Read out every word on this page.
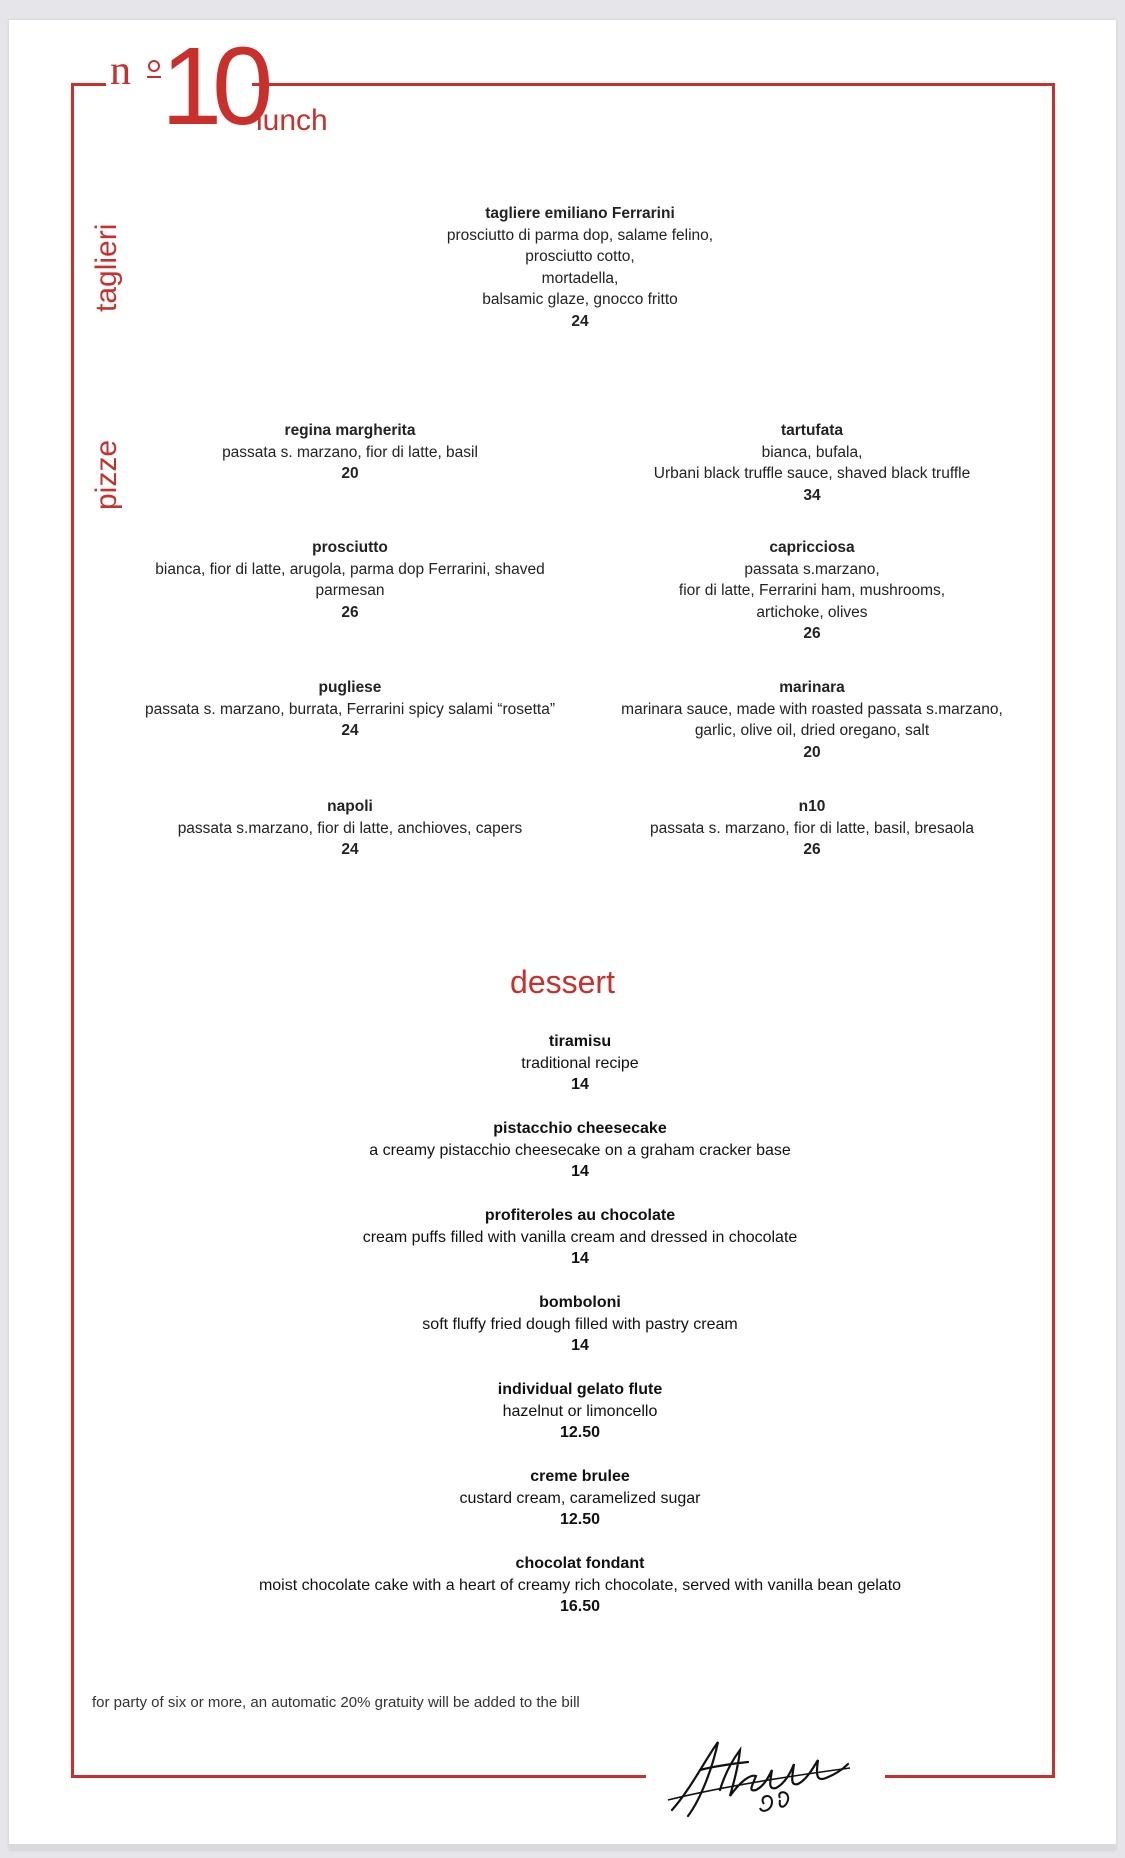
n 10
lunch
taglieri
pizze
tagliere emiliano Ferrarini
prosciutto di parma dop, salame felino,
prosciutto cotto,
mortadella,
balsamic glaze, gnocco fritto
24
regina margherita
passata s. marzano, fior di latte, basil
20
prosciutto
bianca, fior di latte, arugola, parma dop Ferrarini, shaved
parmesan
26
pugliese
passata s. marzano, burrata, Ferrarini spicy salami “rosetta”
24
napoli
passata s.marzano, fior di latte, anchioves, capers
24
tartufata
bianca, bufala,
Urbani black truffle sauce, shaved black truffle
34
capricciosa
passata s.marzano,
fior di latte, Ferrarini ham, mushrooms,
artichoke, olives
26
marinara
marinara sauce, made with roasted passata s.marzano,
garlic, olive oil, dried oregano, salt
20
n10
passata s. marzano, fior di latte, basil, bresaola
26
dessert
tiramisu
traditional recipe
14
pistacchio cheesecake
a creamy pistacchio cheesecake on a graham cracker base
14
profiteroles au chocolate
cream puffs filled with vanilla cream and dressed in chocolate
14
bomboloni
soft fluffy fried dough filled with pastry cream
14
individual gelato flute
hazelnut or limoncello
12.50
creme brulee
custard cream, caramelized sugar
12.50
chocolat fondant
moist chocolate cake with a heart of creamy rich chocolate, served with vanilla bean gelato
16.50
for party of six or more, an automatic 20% gratuity will be added to the bill
